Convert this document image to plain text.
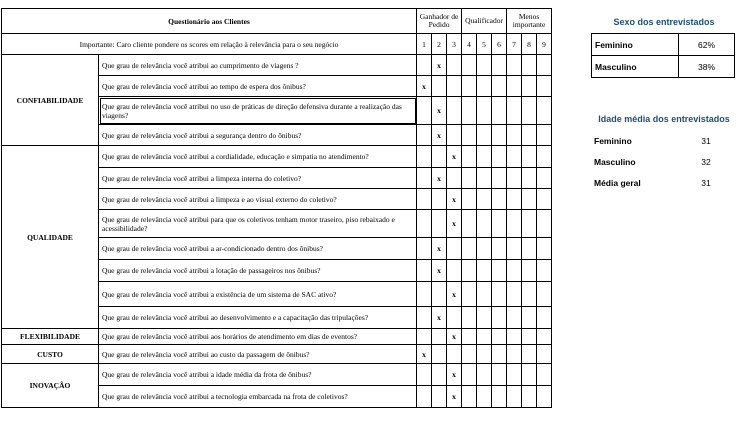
Questionário aos Clientes		Ganhador de Pedido			Qualificador			Menos importante		
Importante: Caro cliente pondere os scores em relação à relevância para o seu negócio		1	2	3	4	5	6	7	8	9
CONFIABILIDADE	Que grau de relevância você atribui ao cumprimento de viagens ?		x							
	Que grau de relevância você atribui ao tempo de espera dos ônibus?	x								
	Que grau de relevância você atribui no uso de práticas de direção defensiva durante a realização das viagens?		x							
	Que grau de relevância você atribui a segurança dentro do ônibus?		x							
QUALIDADE	Que grau de relevância você atribui a cordialidade, educação e simpatia no atendimento?			x						
	Que grau de relevância você atribui a limpeza interna do coletivo?		x							
	Que grau de relevância você atribui a limpeza e ao visual externo do coletivo?			x						
	Que grau de relevância você atribui para que os coletivos tenham motor traseiro, piso rebaixado e acessibilidade?			x						
	Que grau de relevância você atribui a ar-condicionado dentro dos ônibus?		x							
	Que grau de relevância você atribui a lotação de passageiros nos ônibus?		x							
	Que grau de relevância você atribui a existência de um sistema de SAC ativo?			x						
	Que grau de relevância você atribui ao desenvolvimento e a capacitação das tripulações?		x							
FLEXIBILIDADE	Que grau de relevância você atribui aos horários de atendimento em dias de eventos?			x						
CUSTO	Que grau de relevância você atribui ao custo da passagem de ônibus?	x								
INOVAÇÃO	Que grau de relevância você atribui a idade média da frota de ônibus?			x						
	Que grau de relevância você atribui a tecnologia embarcada na frota de coletivos?			x						
Sexo dos entrevistados
Feminino	62%
Masculino	38%
Idade média dos entrevistados
Feminino	31
Masculino	32
Média geral	31
